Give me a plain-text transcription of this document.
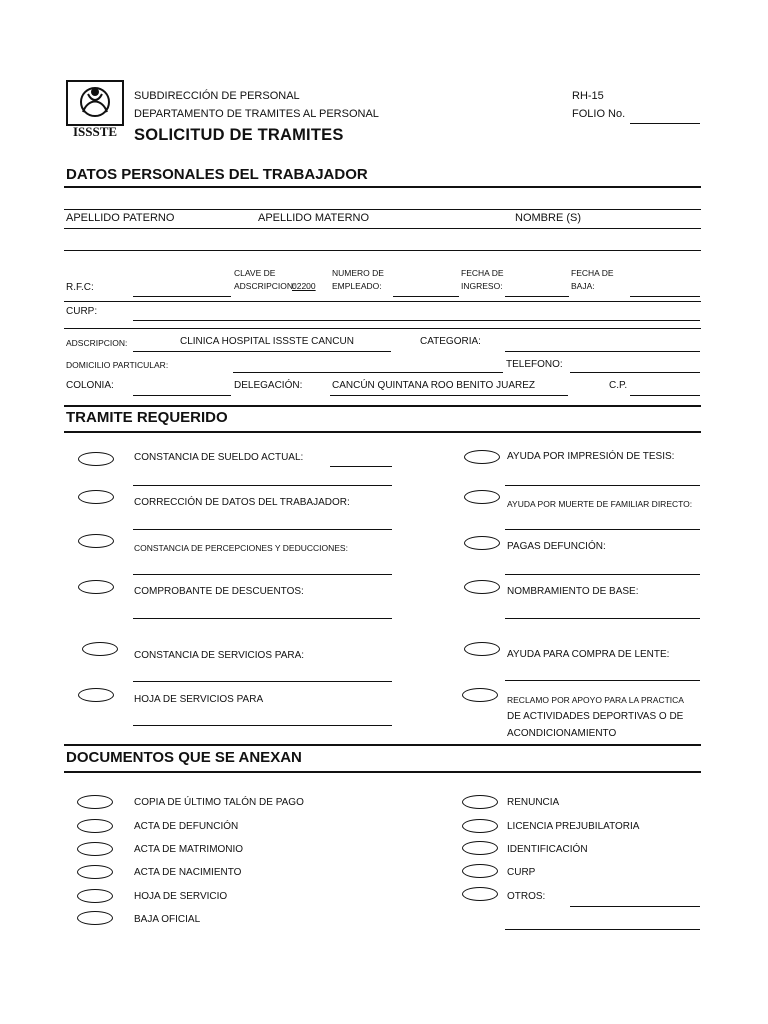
ISSSTE
SUBDIRECCIÓN DE PERSONAL
DEPARTAMENTO DE TRAMITES AL PERSONAL
SOLICITUD DE TRAMITES
RH-15
FOLIO No.
DATOS PERSONALES DEL TRABAJADOR
APELLIDO PATERNO	APELLIDO MATERNO	NOMBRE (S)
R.F.C:
CLAVE DE
ADSCRIPCION:
02200
NUMERO DE
EMPLEADO:
FECHA DE
INGRESO:
FECHA DE
BAJA:
CURP:
ADSCRIPCION:	CLINICA HOSPITAL ISSSTE CANCUN	CATEGORIA:
DOMICILIO PARTICULAR:	TELEFONO:
COLONIA:	DELEGACIÓN:	CANCÚN QUINTANA ROO BENITO JUAREZ	C.P.
TRAMITE REQUERIDO
CONSTANCIA DE SUELDO ACTUAL:
CORRECCIÓN DE DATOS DEL TRABAJADOR:
CONSTANCIA DE PERCEPCIONES Y DEDUCCIONES:
COMPROBANTE DE DESCUENTOS:
CONSTANCIA DE SERVICIOS PARA:
HOJA DE SERVICIOS PARA
AYUDA POR IMPRESIÓN DE TESIS:
AYUDA POR MUERTE DE FAMILIAR DIRECTO:
PAGAS DEFUNCIÓN:
NOMBRAMIENTO DE BASE:
AYUDA PARA COMPRA DE LENTE:
RECLAMO POR APOYO PARA LA PRACTICA
DE ACTIVIDADES DEPORTIVAS O DE
ACONDICIONAMIENTO
DOCUMENTOS QUE SE ANEXAN
COPIA DE ÚLTIMO TALÓN DE PAGO
ACTA DE DEFUNCIÓN
ACTA DE MATRIMONIO
ACTA DE NACIMIENTO
HOJA DE SERVICIO
BAJA OFICIAL
RENUNCIA
LICENCIA PREJUBILATORIA
IDENTIFICACIÓN
CURP
OTROS:
